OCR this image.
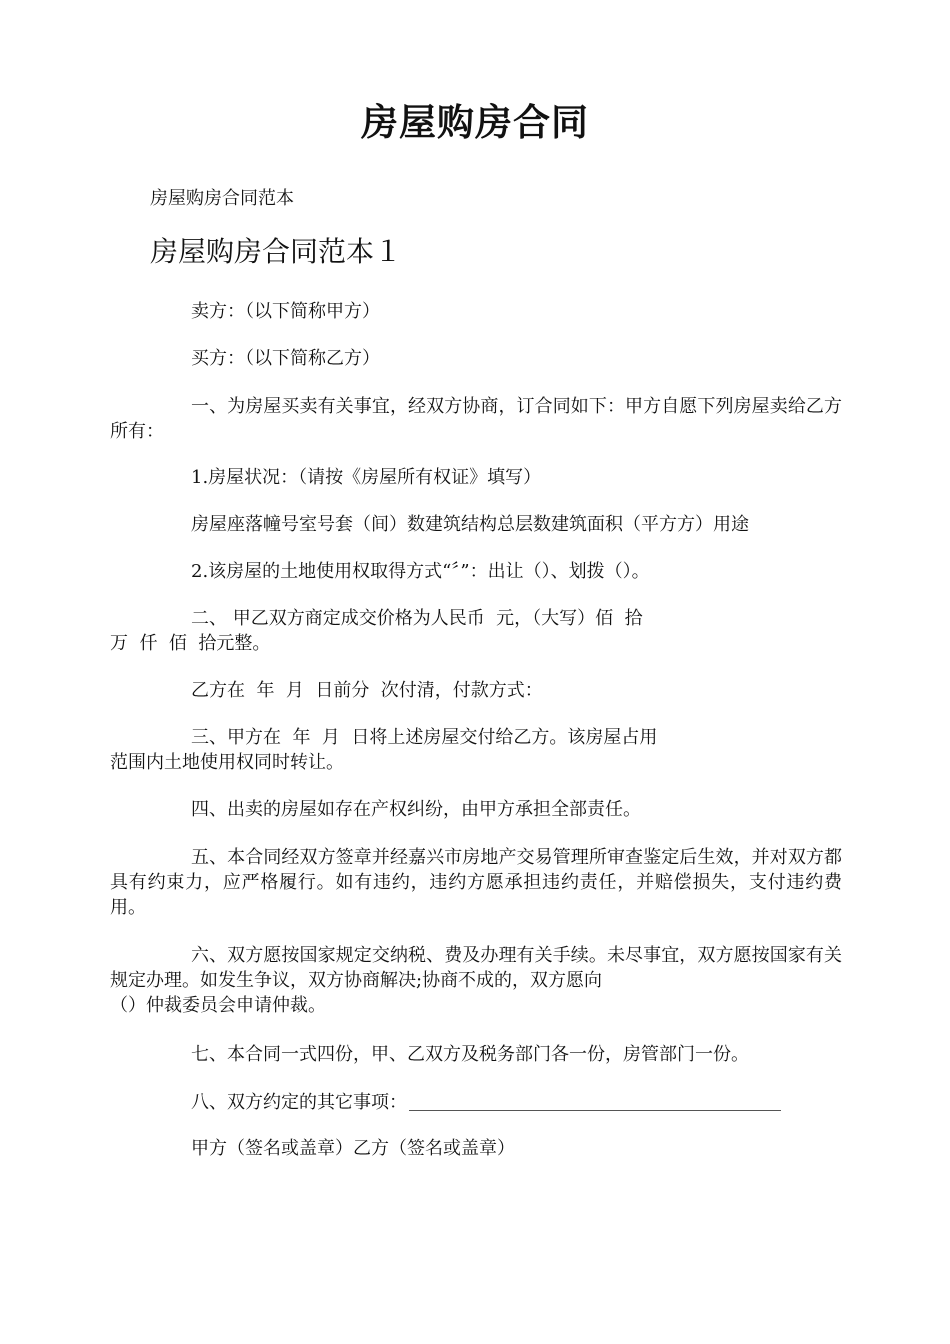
房屋购房合同

房屋购房合同范本

房屋购房合同范本１

卖方：（以下简称甲方）

买方：（以下简称乙方）

一、为房屋买卖有关事宜，经双方协商，订合同如下：甲方自愿下列房屋卖给乙方所有：

1.房屋状况：（请按《房屋所有权证》填写）

房屋座落幢号室号套（间）数建筑结构总层数建筑面积（平方方）用途

2.该房屋的土地使用权取得方式“〞”：出让（）、划拨（）。

二、 甲乙双方商定成交价格为人民币  元，（大写）佰  拾

万  仟  佰  拾元整。

乙方在  年  月  日前分  次付清，付款方式：

三、甲方在  年  月  日将上述房屋交付给乙方。该房屋占用

范围内土地使用权同时转让。

四、出卖的房屋如存在产权纠纷，由甲方承担全部责任。

五、本合同经双方签章并经嘉兴市房地产交易管理所审查鉴定后生效，并对双方都具有约束力，应严格履行。如有违约，违约方愿承担违约责任，并赔偿损失，支付违约费用。

六、双方愿按国家规定交纳税、费及办理有关手续。未尽事宜，双方愿按国家有关规定办理。如发生争议，双方协商解决;协商不成的，双方愿向

（）仲裁委员会申请仲裁。

七、本合同一式四份，甲、乙双方及税务部门各一份，房管部门一份。

八、双方约定的其它事项：

甲方（签名或盖章）乙方（签名或盖章）
